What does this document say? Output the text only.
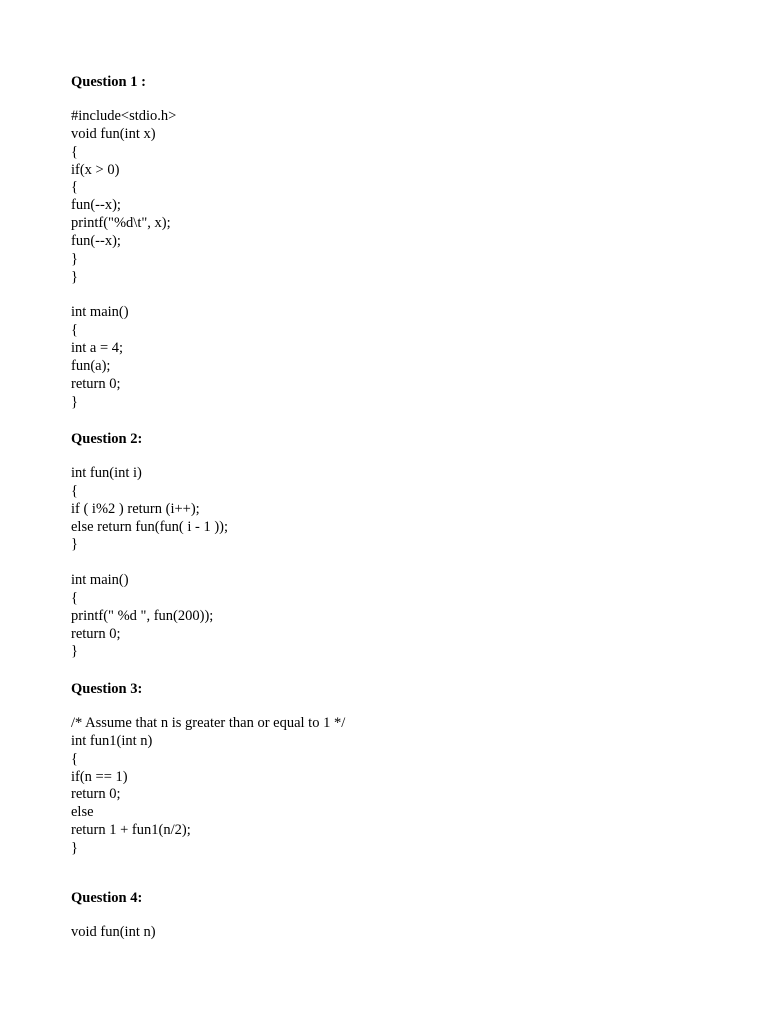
Question 1 :
#include<stdio.h>
void fun(int x)
{
if(x > 0)
{
fun(--x);
printf("%d\t", x);
fun(--x);
}
}
int main()
{
int a = 4;
fun(a);
return 0;
}
Question 2:
int fun(int i)
{
if ( i%2 ) return (i++);
else return fun(fun( i - 1 ));
}
int main()
{
printf(" %d ", fun(200));
return 0;
}
Question 3:
/* Assume that n is greater than or equal to 1 */
int fun1(int n)
{
if(n == 1)
return 0;
else
return 1 + fun1(n/2);
}
Question 4:
void fun(int n)
